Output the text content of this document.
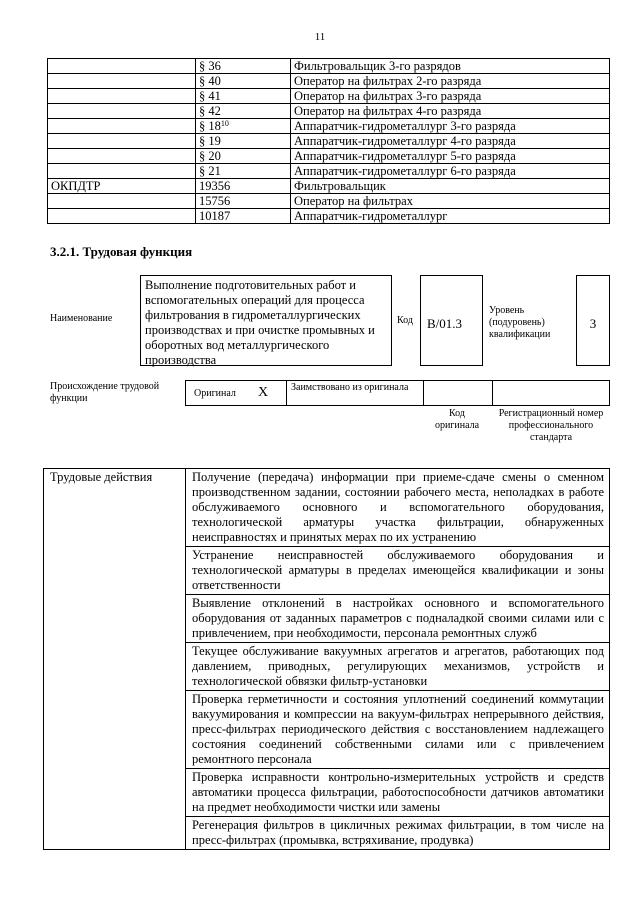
11
	§ 36	Фильтровальщик 3-го разрядов
	§ 40	Оператор на фильтрах 2-го разряда
	§ 41	Оператор на фильтрах 3-го разряда
	§ 42	Оператор на фильтрах 4-го разряда
	§ $18^{10}$	Аппаратчик-гидрометаллург 3-го разряда
	§ 19	Аппаратчик-гидрометаллург 4-го разряда
	§ 20	Аппаратчик-гидрометаллург 5-го разряда
	§ 21	Аппаратчик-гидрометаллург 6-го разряда
ОКПДТР	19356	Фильтровальщик
	15756	Оператор на фильтрах
	10187	Аппаратчик-гидрометаллург
3.2.1. Трудовая функция
Наименование
Выполнение подготовительных работ и вспомогательных операций для процесса фильтрования в гидрометаллургических производствах и при очистке промывных и оборотных вод металлургического производства
Код	B/01.3
Уровень (подуровень) квалификации
3
Происхождение трудовой функции	Оригинал X Заимствовано из оригинала
Код оригинала
Регистрационный номер профессионального стандарта
Трудовые действия	Получение (передача) информации при приеме-сдаче смены о сменном производственном задании, состоянии рабочего места, неполадках в работе обслуживаемого основного и вспомогательного оборудования, технологической арматуры участка фильтрации, обнаруженных неисправностях и принятых мерах по их устранению
Устранение неисправностей обслуживаемого оборудования и технологической арматуры в пределах имеющейся квалификации и зоны ответственности
Выявление отклонений в настройках основного и вспомогательного оборудования от заданных параметров с подналадкой своими силами или с привлечением, при необходимости, персонала ремонтных служб
Текущее обслуживание вакуумных агрегатов и агрегатов, работающих под давлением, приводных, регулирующих механизмов, устройств и технологической обвязки фильтр-установки
Проверка герметичности и состояния уплотнений соединений коммутации вакуумирования и компрессии на вакуум-фильтрах непрерывного действия, пресс-фильтрах периодического действия с восстановлением надлежащего состояния соединений собственными силами или с привлечением ремонтного персонала
Проверка исправности контрольно-измерительных устройств и средств автоматики процесса фильтрации, работоспособности датчиков автоматики на предмет необходимости чистки или замены
Регенерация фильтров в цикличных режимах фильтрации, в том числе на пресс-фильтрах (промывка, встряхивание, продувка)
